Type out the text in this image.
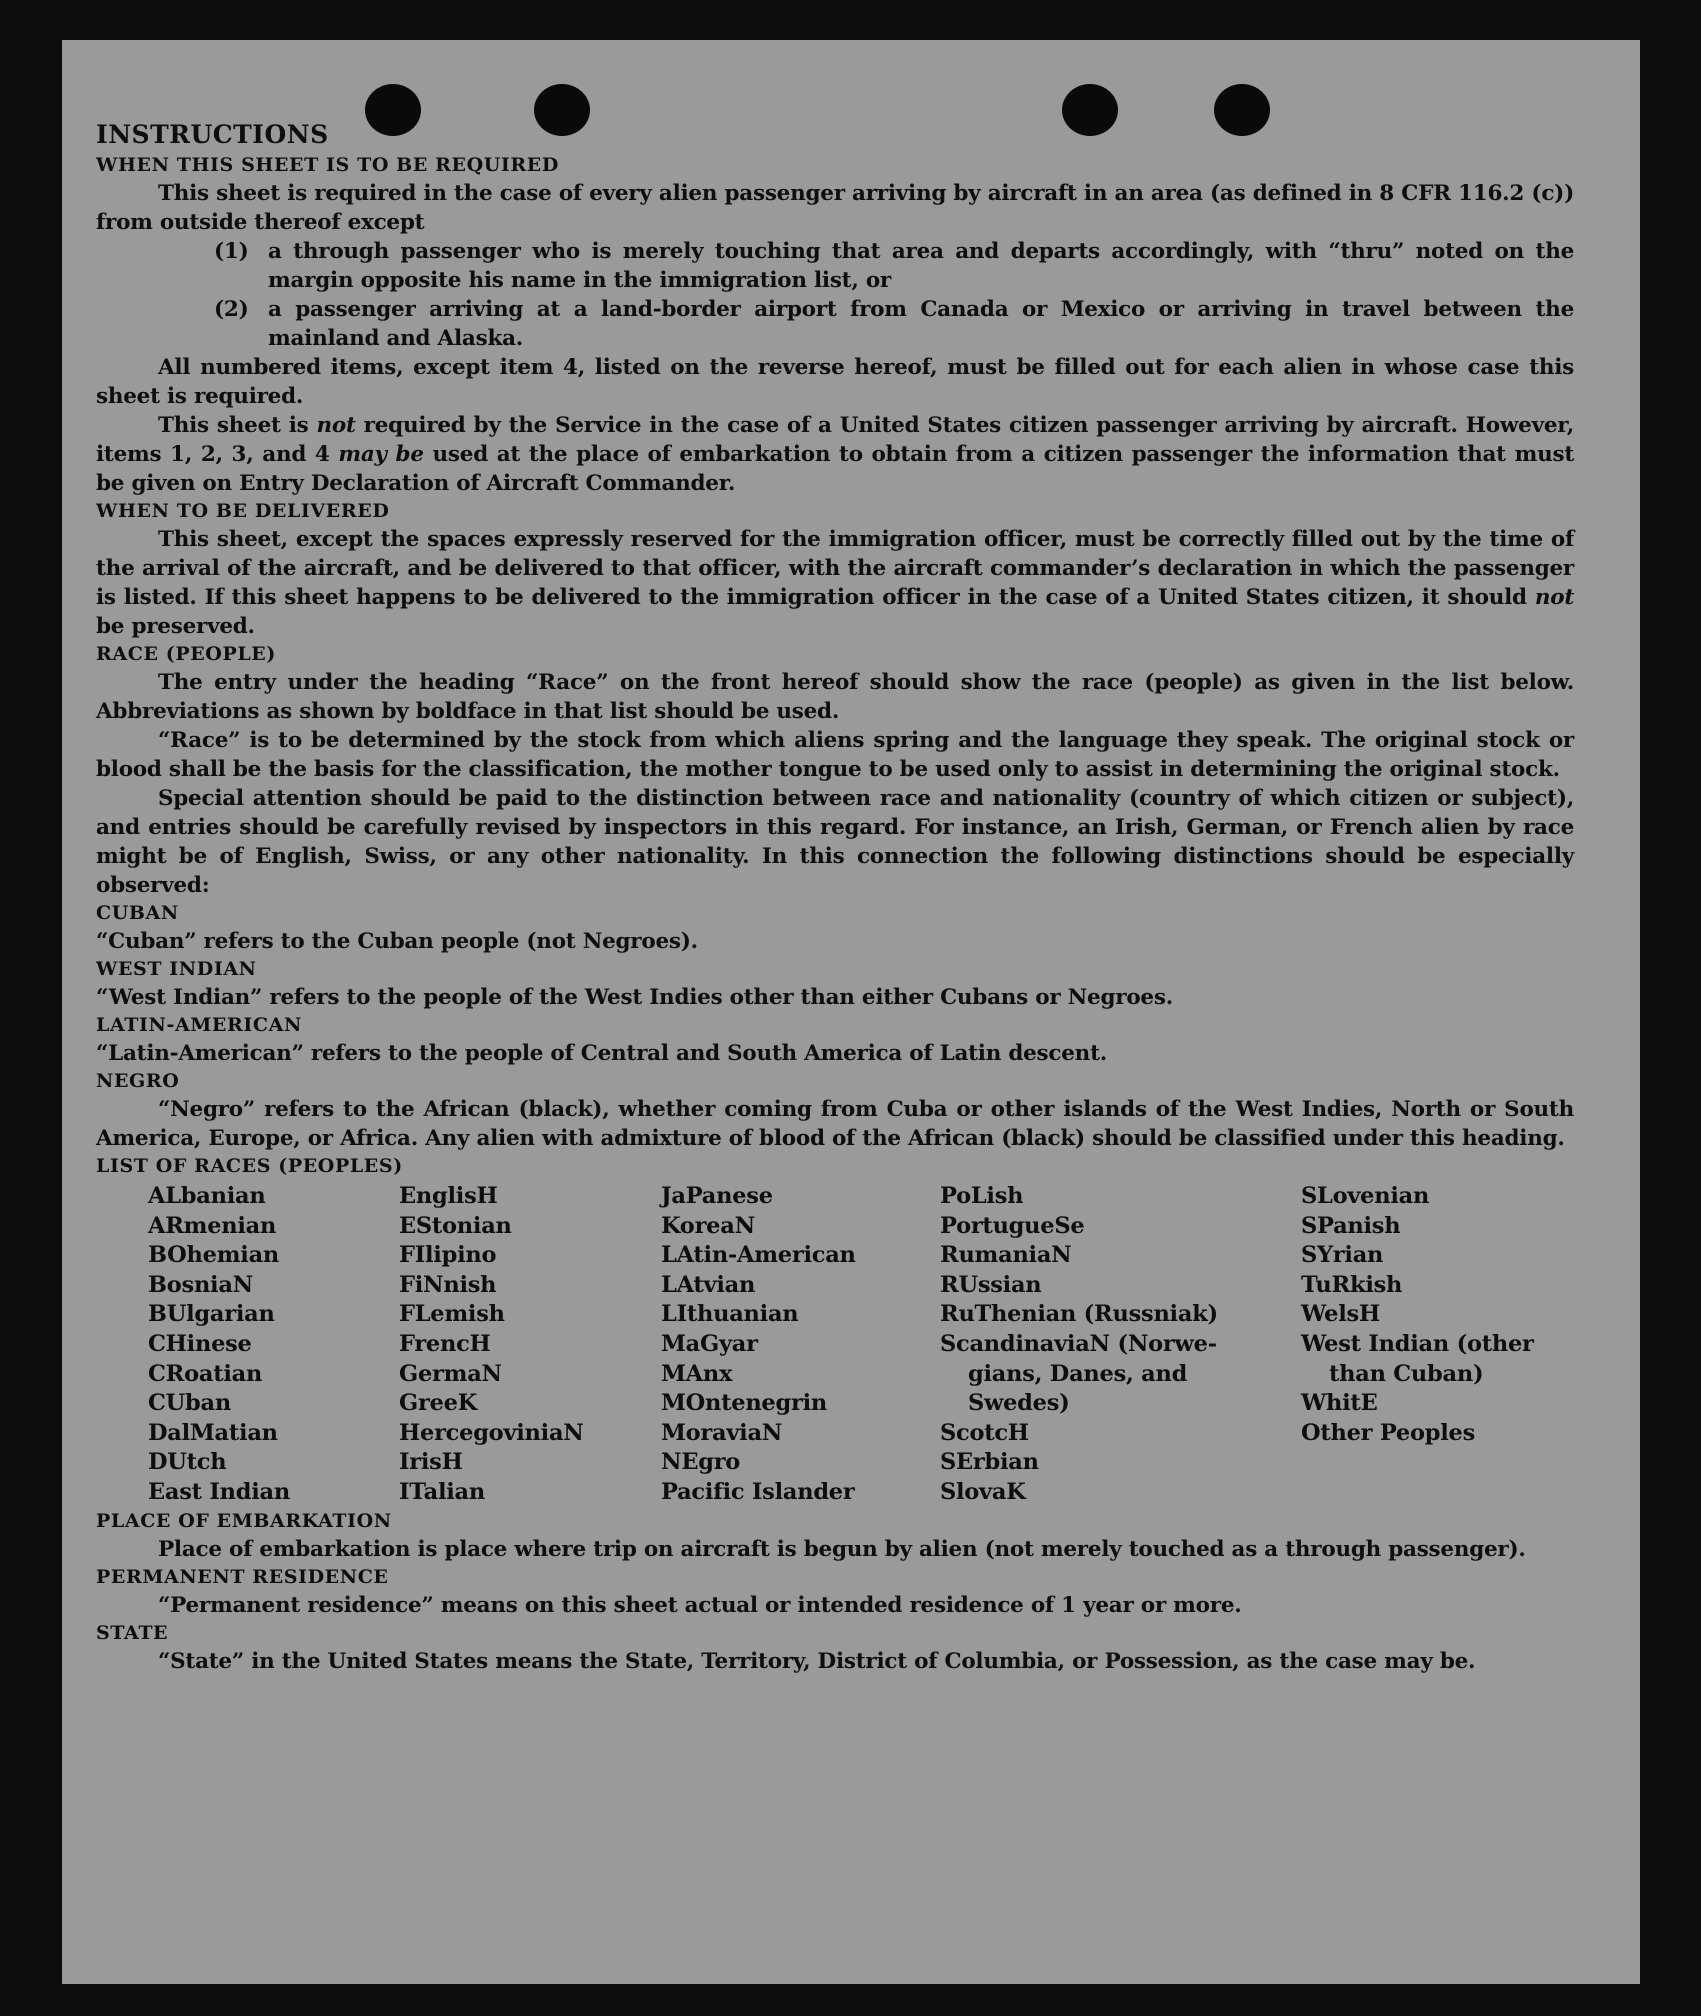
INSTRUCTIONS

WHEN THIS SHEET IS TO BE REQUIRED

This sheet is required in the case of every alien passenger arriving by aircraft in an area (as defined in 8 CFR 116.2 (c)) from outside thereof except

(1) a through passenger who is merely touching that area and departs accordingly, with “thru” noted on the margin opposite his name in the immigration list, or
(2) a passenger arriving at a land-border airport from Canada or Mexico or arriving in travel between the mainland and Alaska.

All numbered items, except item 4, listed on the reverse hereof, must be filled out for each alien in whose case this sheet is required.

This sheet is not required by the Service in the case of a United States citizen passenger arriving by aircraft. However, items 1, 2, 3, and 4 may be used at the place of embarkation to obtain from a citizen passenger the information that must be given on Entry Declaration of Aircraft Commander.

WHEN TO BE DELIVERED

This sheet, except the spaces expressly reserved for the immigration officer, must be correctly filled out by the time of the arrival of the aircraft, and be delivered to that officer, with the aircraft commander’s declaration in which the passenger is listed. If this sheet happens to be delivered to the immigration officer in the case of a United States citizen, it should not be preserved.

RACE (PEOPLE)

The entry under the heading “Race” on the front hereof should show the race (people) as given in the list below. Abbreviations as shown by boldface in that list should be used.

“Race” is to be determined by the stock from which aliens spring and the language they speak. The original stock or blood shall be the basis for the classification, the mother tongue to be used only to assist in determining the original stock.

Special attention should be paid to the distinction between race and nationality (country of which citizen or subject), and entries should be carefully revised by inspectors in this regard. For instance, an Irish, German, or French alien by race might be of English, Swiss, or any other nationality. In this connection the following distinctions should be especially observed:

CUBAN

“Cuban” refers to the Cuban people (not Negroes).

WEST INDIAN

“West Indian” refers to the people of the West Indies other than either Cubans or Negroes.

LATIN-AMERICAN

“Latin-American” refers to the people of Central and South America of Latin descent.

NEGRO

“Negro” refers to the African (black), whether coming from Cuba or other islands of the West Indies, North or South America, Europe, or Africa. Any alien with admixture of blood of the African (black) should be classified under this heading.

LIST OF RACES (PEOPLES)

ALbanian
ARmenian
BOhemian
BosniaN
BUlgarian
CHinese
CRoatian
CUban
DalMatian
DUtch
East Indian
EnglisH
EStonian
FIlipino
FiNnish
FLemish
FrencH
GermaN
GreeK
HercegoviniaN
IrisH
ITalian
JaPanese
KoreaN
LAtin-American
LAtvian
LIthuanian
MaGyar
MAnx
MOntenegrin
MoraviaN
NEgro
Pacific Islander
PoLish
PortugueSe
RumaniaN
RUssian
RuThenian (Russniak)
ScandinaviaN (Norwe-
gians, Danes, and
Swedes)
ScotcH
SErbian
SlovaK
SLovenian
SPanish
SYrian
TuRkish
WelsH
West Indian (other
than Cuban)
WhitE
Other Peoples

PLACE OF EMBARKATION

Place of embarkation is place where trip on aircraft is begun by alien (not merely touched as a through passenger).

PERMANENT RESIDENCE

“Permanent residence” means on this sheet actual or intended residence of 1 year or more.

STATE

“State” in the United States means the State, Territory, District of Columbia, or Possession, as the case may be.
